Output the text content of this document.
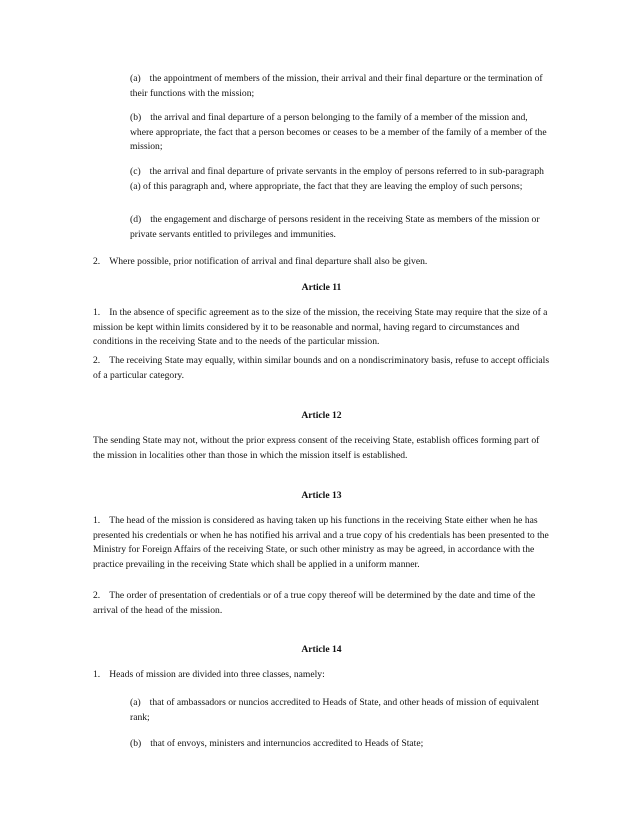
(a) the appointment of members of the mission, their arrival and their final departure or the termination of their functions with the mission;

(b) the arrival and final departure of a person belonging to the family of a member of the mission and, where appropriate, the fact that a person becomes or ceases to be a member of the family of a member of the mission;

(c) the arrival and final departure of private servants in the employ of persons referred to in sub-paragraph (a) of this paragraph and, where appropriate, the fact that they are leaving the employ of such persons;

(d) the engagement and discharge of persons resident in the receiving State as members of the mission or private servants entitled to privileges and immunities.

2. Where possible, prior notification of arrival and final departure shall also be given.

Article 11

1. In the absence of specific agreement as to the size of the mission, the receiving State may require that the size of a mission be kept within limits considered by it to be reasonable and normal, having regard to circumstances and conditions in the receiving State and to the needs of the particular mission.

2. The receiving State may equally, within similar bounds and on a nondiscriminatory basis, refuse to accept officials of a particular category.

Article 12

The sending State may not, without the prior express consent of the receiving State, establish offices forming part of the mission in localities other than those in which the mission itself is established.

Article 13

1. The head of the mission is considered as having taken up his functions in the receiving State either when he has presented his credentials or when he has notified his arrival and a true copy of his credentials has been presented to the Ministry for Foreign Affairs of the receiving State, or such other ministry as may be agreed, in accordance with the practice prevailing in the receiving State which shall be applied in a uniform manner.

2. The order of presentation of credentials or of a true copy thereof will be determined by the date and time of the arrival of the head of the mission.

Article 14

1. Heads of mission are divided into three classes, namely:

(a) that of ambassadors or nuncios accredited to Heads of State, and other heads of mission of equivalent rank;

(b) that of envoys, ministers and internuncios accredited to Heads of State;
